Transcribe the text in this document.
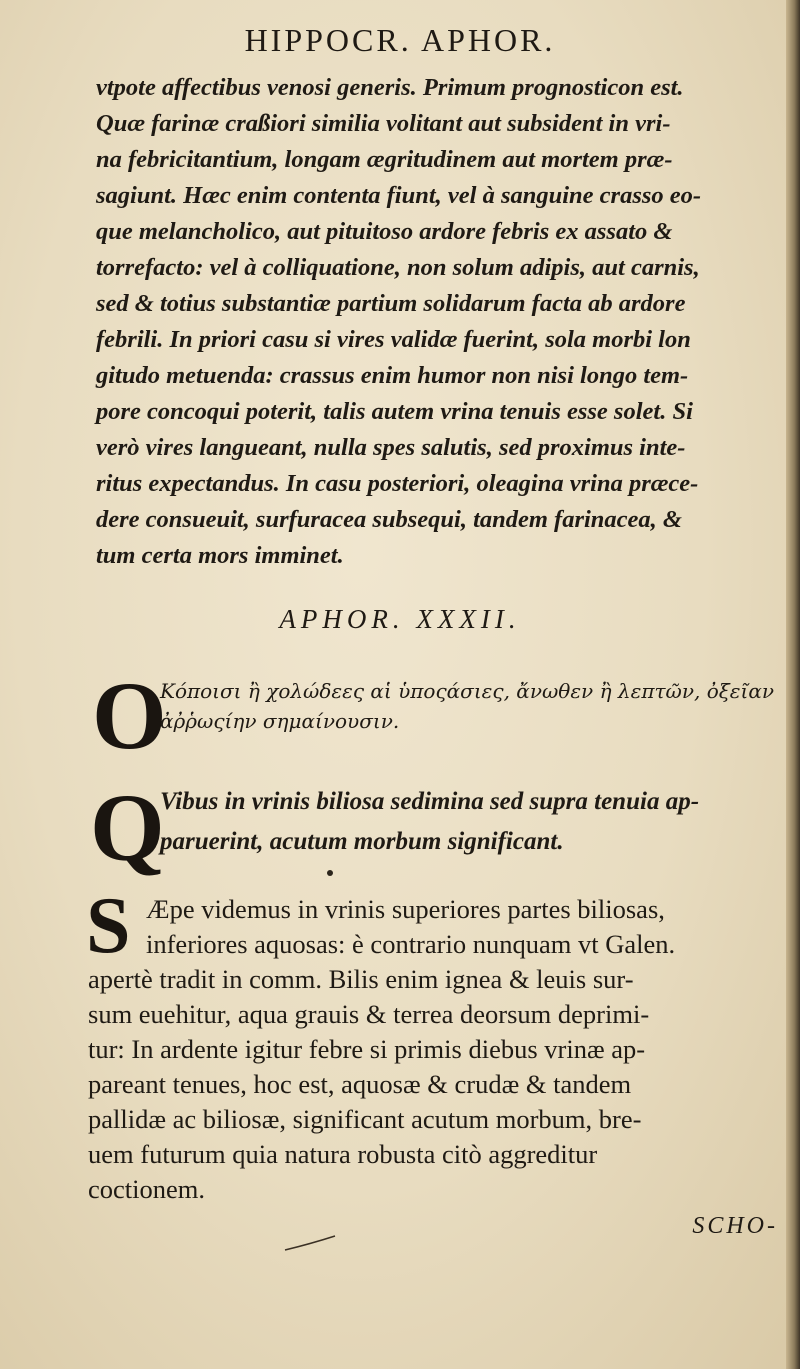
HIPPOCR. APHOR.
vtpote affectibus venosi generis. Primum prognosticon est.
Quæ farinæ craßiori similia volitant aut subsident in vri-
na febricitantium, longam ægritudinem aut mortem præ-
sagiunt. Hæc enim contenta fiunt, vel à sanguine crasso eo-
que melancholico, aut pituitoso ardore febris ex assato &
torrefacto: vel à colliquatione, non solum adipis, aut carnis,
sed & totius substantiæ partium solidarum facta ab ardore
febrili. In priori casu si vires validæ fuerint, sola morbi lon
gitudo metuenda: crassus enim humor non nisi longo tem-
pore concoqui poterit, talis autem vrina tenuis esse solet. Si
verò vires langueant, nulla spes salutis, sed proximus inte-
ritus expectandus. In casu posteriori, oleagina vrina præce-
dere consueuit, surfuracea subsequi, tandem farinacea, &
tum certa mors imminet.
APHOR. XXXII.
O
Κόποισι ἢ χολώδεες αἱ ὑποςάσιες, ἄνωθεν ἢ λεπτῶν, ὀξεῖαν
ἀῤῥωςίην σημαίνουσιν.
Q
Vibus in vrinis biliosa sedimina sed supra tenuia ap-
paruerint, acutum morbum significant.
S Æpe videmus in vrinis superiores partes biliosas,
inferiores aquosas: è contrario nunquam vt Galen.
apertè tradit in comm. Bilis enim ignea & leuis sur-
sum euehitur, aqua grauis & terrea deorsum deprimi-
tur: In ardente igitur febre si primis diebus vrinæ ap-
pareant tenues, hoc est, aquosæ & crudæ & tandem
pallidæ ac biliosæ, significant acutum morbum, bre-
uem futurum quia natura robusta citò aggreditur
coctionem.
SCHO-
